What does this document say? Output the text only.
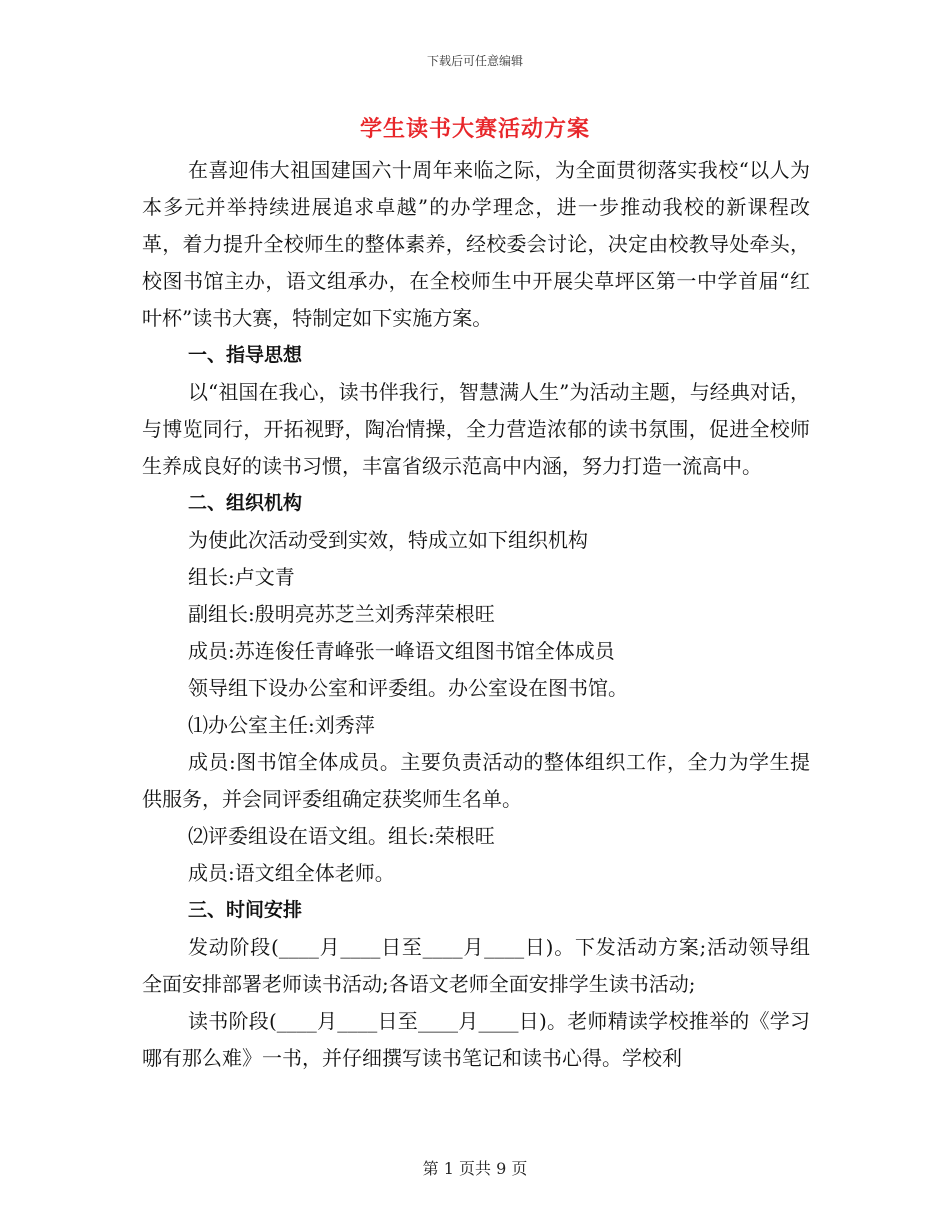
下载后可任意编辑
学生读书大赛活动方案

在喜迎伟大祖国建国六十周年来临之际，为全面贯彻落实我校“以人为本多元并举持续进展追求卓越”的办学理念，进一步推动我校的新课程改革，着力提升全校师生的整体素养，经校委会讨论，决定由校教导处牵头，校图书馆主办，语文组承办，在全校师生中开展尖草坪区第一中学首届“红叶杯”读书大赛，特制定如下实施方案。

一、指导思想

以“祖国在我心，读书伴我行，智慧满人生”为活动主题，与经典对话，与博览同行，开拓视野，陶冶情操，全力营造浓郁的读书氛围，促进全校师生养成良好的读书习惯，丰富省级示范高中内涵，努力打造一流高中。

二、组织机构

为使此次活动受到实效，特成立如下组织机构

组长:卢文青

副组长:殷明亮苏芝兰刘秀萍荣根旺

成员:苏连俊任青峰张一峰语文组图书馆全体成员

领导组下设办公室和评委组。办公室设在图书馆。

⑴办公室主任:刘秀萍

成员:图书馆全体成员。主要负责活动的整体组织工作，全力为学生提供服务，并会同评委组确定获奖师生名单。

⑵评委组设在语文组。组长:荣根旺

成员:语文组全体老师。

三、时间安排

发动阶段(____月____日至____月____日)。下发活动方案;活动领导组全面安排部署老师读书活动;各语文老师全面安排学生读书活动;

读书阶段(____月____日至____月____日)。老师精读学校推举的《学习哪有那么难》一书，并仔细撰写读书笔记和读书心得。学校利

第 1 页共 9 页
